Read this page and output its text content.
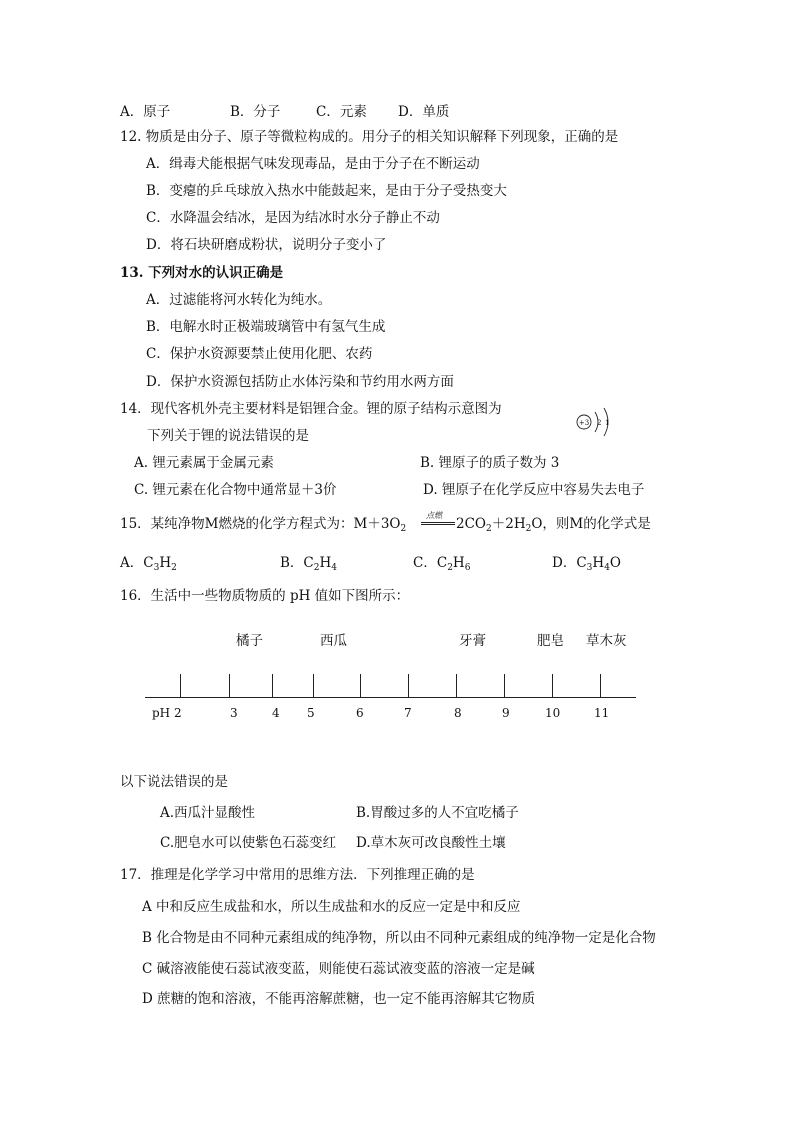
A．原子	B．分子	C．元素 D．单质
12. 物质是由分子、原子等微粒构成的。用分子的相关知识解释下列现象，正确的是
A．缉毒犬能根据气味发现毒品，是由于分子在不断运动
B．变瘪的乒乓球放入热水中能鼓起来，是由于分子受热变大
C．水降温会结冰，是因为结冰时水分子静止不动
D．将石块研磨成粉状，说明分子变小了
13. 下列对水的认识正确是
A．过滤能将河水转化为纯水。
B．电解水时正极端玻璃管中有氢气生成
C．保护水资源要禁止使用化肥、农药
D．保护水资源包括防止水体污染和节约用水两方面
14．现代客机外壳主要材料是铝锂合金。锂的原子结构示意图为
+3 2 1
下列关于锂的说法错误的是
A. 锂元素属于金属元素	B. 锂原子的质子数为 3
C. 锂元素在化合物中通常显＋3价	D. 锂原子在化学反应中容易失去电子
15．某纯净物M燃烧的化学方程式为：$M+3O_2$
点燃
$2CO_2+2H_2O$，则M的化学式是
A．$C_3H_2$	B．$C_2H_4$	C．$C_2H_6$	D．$C_3H_4O$
16．生活中一些物质物质的 pH 值如下图所示：
橘子	西瓜	牙膏	肥皂 草木灰
pH 2	3	4 5	6	7	8	9	10	11
以下说法错误的是
A.西瓜汁显酸性	B.胃酸过多的人不宜吃橘子
C.肥皂水可以使紫色石蕊变红 D.草木灰可改良酸性土壤
17．推理是化学学习中常用的思维方法．下列推理正确的是
A 中和反应生成盐和水，所以生成盐和水的反应一定是中和反应
B 化合物是由不同种元素组成的纯净物，所以由不同种元素组成的纯净物一定是化合物
C 碱溶液能使石蕊试液变蓝，则能使石蕊试液变蓝的溶液一定是碱
D 蔗糖的饱和溶液，不能再溶解蔗糖，也一定不能再溶解其它物质
